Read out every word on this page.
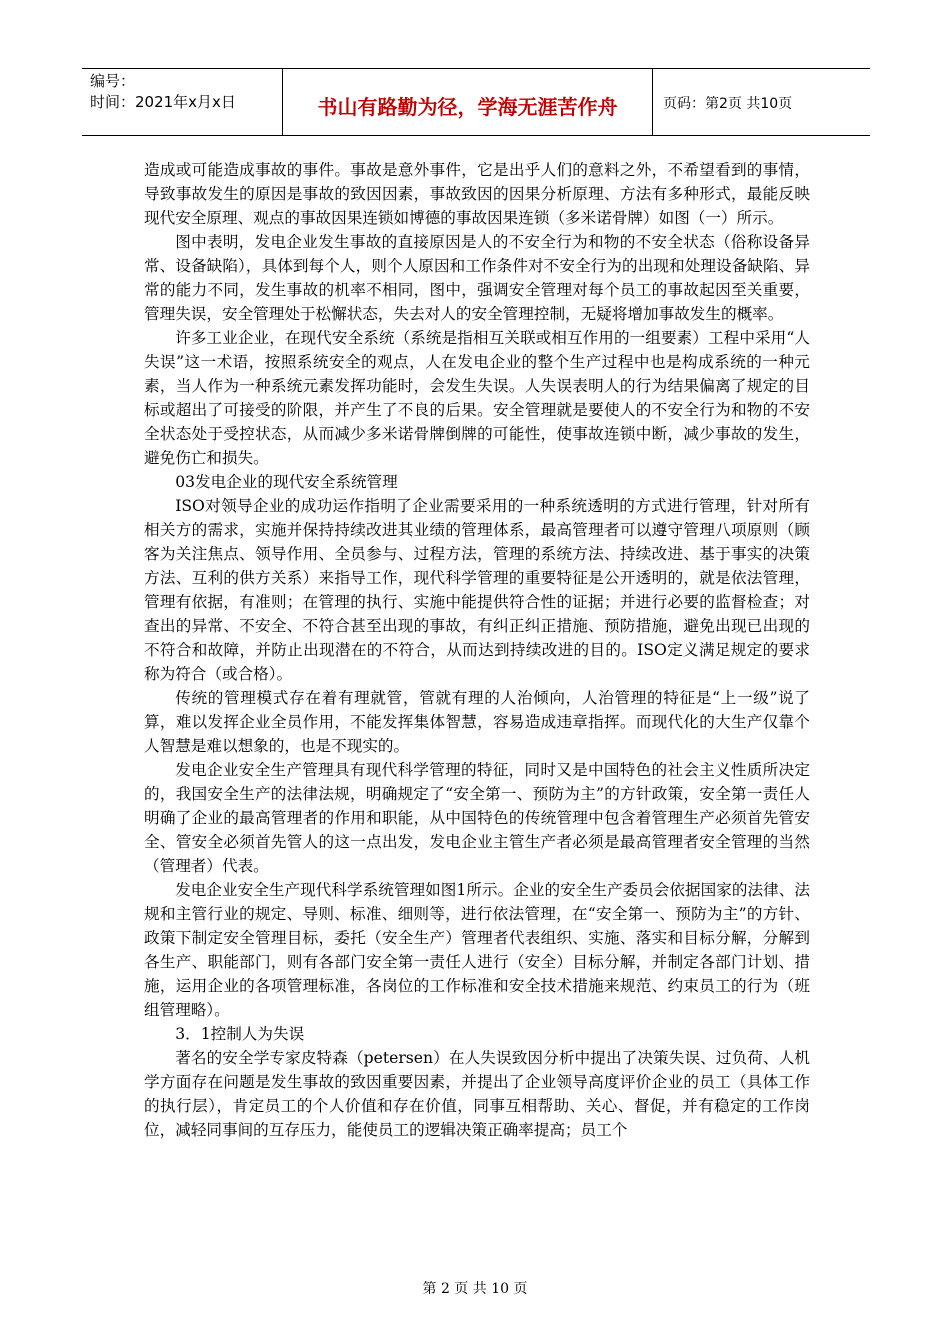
编号：
时间：2021年x月x日	书山有路勤为径，学海无涯苦作舟	页码：第2页 共10页

造成或可能造成事故的事件。事故是意外事件，它是出乎人们的意料之外，不希望看到的事情，导致事故发生的原因是事故的致因因素，事故致因的因果分析原理、方法有多种形式，最能反映现代安全原理、观点的事故因果连锁如博德的事故因果连锁（多米诺骨牌）如图（一）所示。

图中表明，发电企业发生事故的直接原因是人的不安全行为和物的不安全状态（俗称设备异常、设备缺陷），具体到每个人，则个人原因和工作条件对不安全行为的出现和处理设备缺陷、异常的能力不同，发生事故的机率不相同，图中，强调安全管理对每个员工的事故起因至关重要，管理失误，安全管理处于松懈状态，失去对人的安全管理控制，无疑将增加事故发生的概率。

许多工业企业，在现代安全系统（系统是指相互关联或相互作用的一组要素）工程中采用“人失误”这一术语，按照系统安全的观点，人在发电企业的整个生产过程中也是构成系统的一种元素，当人作为一种系统元素发挥功能时，会发生失误。人失误表明人的行为结果偏离了规定的目标或超出了可接受的阶限，并产生了不良的后果。安全管理就是要使人的不安全行为和物的不安全状态处于受控状态，从而减少多米诺骨牌倒牌的可能性，使事故连锁中断，减少事故的发生，避免伤亡和损失。

03发电企业的现代安全系统管理

ISO对领导企业的成功运作指明了企业需要采用的一种系统透明的方式进行管理，针对所有相关方的需求，实施并保持持续改进其业绩的管理体系，最高管理者可以遵守管理八项原则（顾客为关注焦点、领导作用、全员参与、过程方法，管理的系统方法、持续改进、基于事实的决策方法、互利的供方关系）来指导工作，现代科学管理的重要特征是公开透明的，就是依法管理，管理有依据，有准则；在管理的执行、实施中能提供符合性的证据；并进行必要的监督检查；对查出的异常、不安全、不符合甚至出现的事故，有纠正纠正措施、预防措施，避免出现已出现的不符合和故障，并防止出现潜在的不符合，从而达到持续改进的目的。ISO定义满足规定的要求称为符合（或合格）。

传统的管理模式存在着有理就管，管就有理的人治倾向，人治管理的特征是“上一级”说了算，难以发挥企业全员作用，不能发挥集体智慧，容易造成违章指挥。而现代化的大生产仅靠个人智慧是难以想象的，也是不现实的。

发电企业安全生产管理具有现代科学管理的特征，同时又是中国特色的社会主义性质所决定的，我国安全生产的法律法规，明确规定了“安全第一、预防为主”的方针政策，安全第一责任人明确了企业的最高管理者的作用和职能，从中国特色的传统管理中包含着管理生产必须首先管安全、管安全必须首先管人的这一点出发，发电企业主管生产者必须是最高管理者安全管理的当然（管理者）代表。

发电企业安全生产现代科学系统管理如图1所示。企业的安全生产委员会依据国家的法律、法规和主管行业的规定、导则、标准、细则等，进行依法管理，在“安全第一、预防为主”的方针、政策下制定安全管理目标，委托（安全生产）管理者代表组织、实施、落实和目标分解，分解到各生产、职能部门，则有各部门安全第一责任人进行（安全）目标分解，并制定各部门计划、措施，运用企业的各项管理标准，各岗位的工作标准和安全技术措施来规范、约束员工的行为（班组管理略）。

3．1控制人为失误

著名的安全学专家皮特森（petersen）在人失误致因分析中提出了决策失误、过负荷、人机学方面存在问题是发生事故的致因重要因素，并提出了企业领导高度评价企业的员工（具体工作的执行层），肯定员工的个人价值和存在价值，同事互相帮助、关心、督促，并有稳定的工作岗位，减轻同事间的互存压力，能使员工的逻辑决策正确率提高；员工个

第 2 页 共 10 页
